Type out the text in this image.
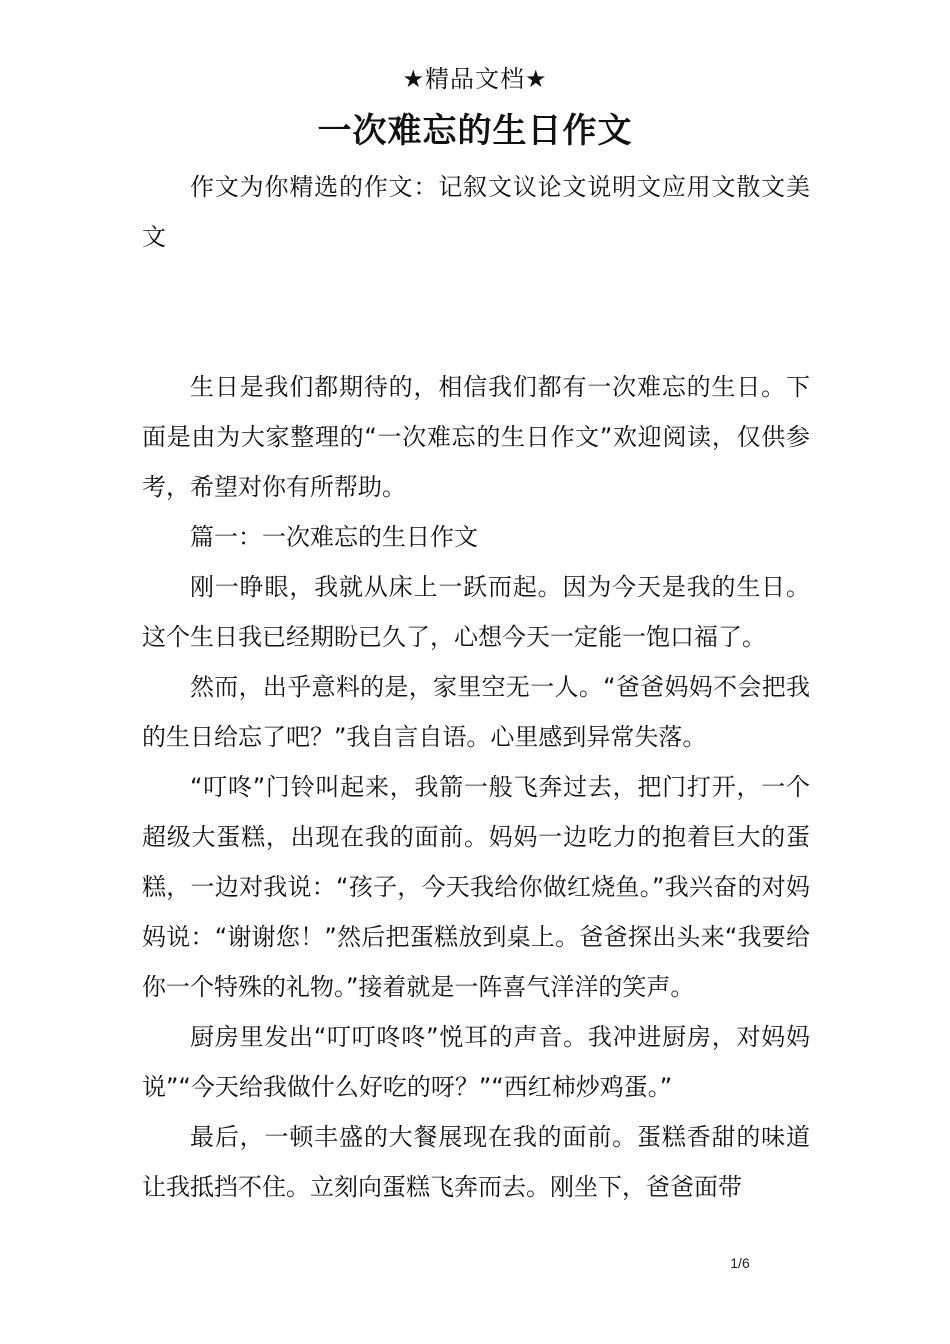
★精品文档★
一次难忘的生日作文

作文为你精选的作文：记叙文议论文说明文应用文散文美文

生日是我们都期待的，相信我们都有一次难忘的生日。下面是由为大家整理的“一次难忘的生日作文”欢迎阅读，仅供参考，希望对你有所帮助。

篇一：一次难忘的生日作文

刚一睁眼，我就从床上一跃而起。因为今天是我的生日。这个生日我已经期盼已久了，心想今天一定能一饱口福了。

然而，出乎意料的是，家里空无一人。“爸爸妈妈不会把我的生日给忘了吧？”我自言自语。心里感到异常失落。

“叮咚”门铃叫起来，我箭一般飞奔过去，把门打开，一个超级大蛋糕，出现在我的面前。妈妈一边吃力的抱着巨大的蛋糕，一边对我说：“孩子，今天我给你做红烧鱼。”我兴奋的对妈妈说：“谢谢您！”然后把蛋糕放到桌上。爸爸探出头来“我要给你一个特殊的礼物。”接着就是一阵喜气洋洋的笑声。

厨房里发出“叮叮咚咚”悦耳的声音。我冲进厨房，对妈妈说”“今天给我做什么好吃的呀？”“西红柿炒鸡蛋。”

最后，一顿丰盛的大餐展现在我的面前。蛋糕香甜的味道让我抵挡不住。立刻向蛋糕飞奔而去。刚坐下，爸爸面带

1/6
